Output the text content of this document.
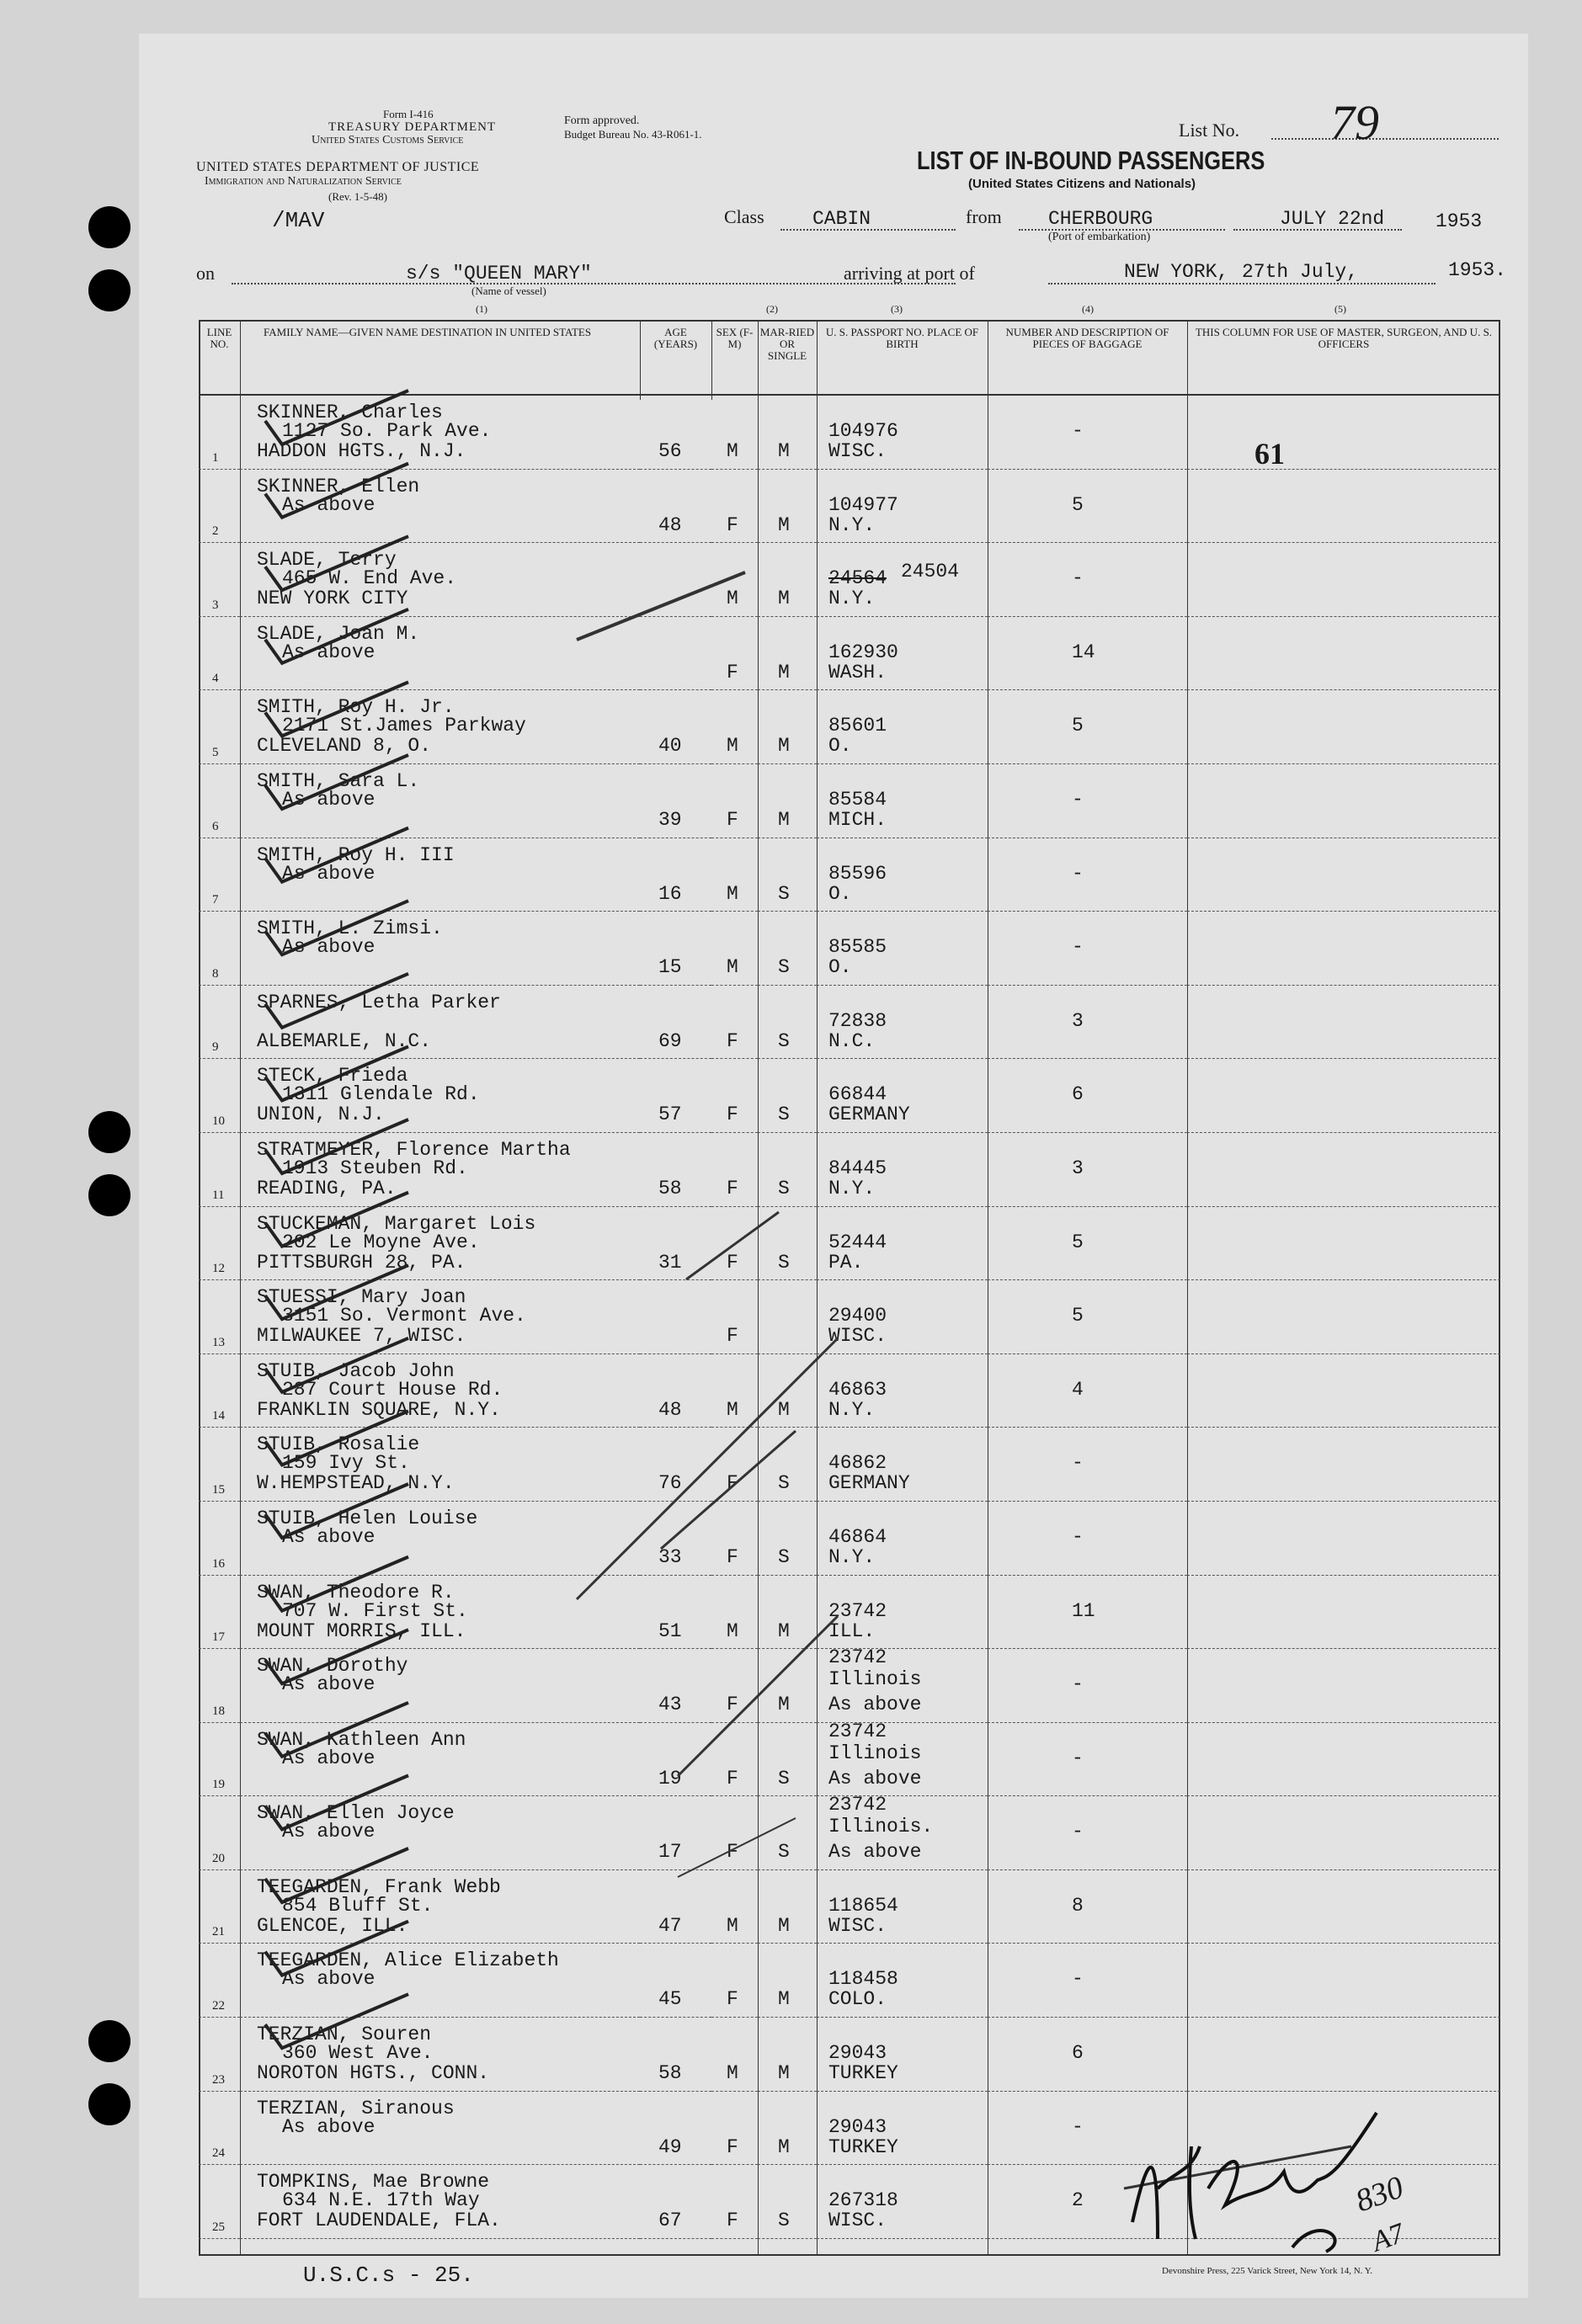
Form I-416
TREASURY DEPARTMENT
United States Customs Service
UNITED STATES DEPARTMENT OF JUSTICE
Immigration and Naturalization Service
(Rev. 1-5-48)
Form approved.
Budget Bureau No. 43-R061-1.	List No. 79
LIST OF IN-BOUND PASSENGERS
(United States Citizens and Nationals)
/MAV	Class CABIN	from CHERBOURG
(Port of embarkation)
JULY 22nd	1953
on	s/s "QUEEN MARY"
(Name of vessel)
arriving at port of	NEW YORK, 27th July,	1953.
(1)	(2)	(3)	(4)	(5)
LINE NO.	FAMILY NAME—GIVEN NAME DESTINATION IN UNITED STATES	AGE (YEARS)	SEX (F-M)	MAR-RIED OR SINGLE	U. S. PASSPORT NO. PLACE OF BIRTH	NUMBER AND DESCRIPTION OF PIECES OF BAGGAGE	THIS COLUMN FOR USE OF MASTER, SURGEON, AND U. S. OFFICERS

1	SKINNER, Charles
1127 So. Park Ave.
HADDON HGTS., N.J.	56	M	M	104976
WISC.	-	

2	SKINNER, Ellen
As above	48	F	M	104977
N.Y.	5	

3	SLADE, Terry
465 W. End Ave.
NEW YORK CITY		M	M	24564 24504
N.Y.	-	

4	SLADE, Joan M.
As above		F	M	162930
WASH.	14	

5	SMITH, Roy H. Jr.
2171 St.James Parkway
CLEVELAND 8, O.	40	M	M	85601
O.	5	

6	SMITH, Sara L.
As above	39	F	M	85584
MICH.	-	

7	SMITH, Roy H. III
As above	16	M	S	85596
O.	-	

8	SMITH, L. Zimsi.
As above	15	M	S	85585
O.	-	

9	SPARNES, Letha Parker
ALBEMARLE, N.C.	69	F	S	72838
N.C.	3	

10	STECK, Frieda
1311 Glendale Rd.
UNION, N.J.	57	F	S	66844
GERMANY	6	

11	STRATMEYER, Florence Martha
1913 Steuben Rd.
READING, PA.	58	F	S	84445
N.Y.	3	

12	STUCKEMAN, Margaret Lois
202 Le Moyne Ave.
PITTSBURGH 28, PA.	31	F	S	52444
PA.	5	

13	STUESSI, Mary Joan
3151 So. Vermont Ave.
MILWAUKEE 7, WISC.		F		29400
WISC.	5	

14	STUIB, Jacob John
287 Court House Rd.
FRANKLIN SQUARE, N.Y.	48	M	M	46863
N.Y.	4	

15	STUIB, Rosalie
159 Ivy St.
W.HEMPSTEAD, N.Y.	76	F	S	46862
GERMANY	-	

16	STUIB, Helen Louise
As above	33	F	S	46864
N.Y.	-	

17	SWAN, Theodore R.
707 W. First St.
MOUNT MORRIS, ILL.	51	M	M	23742
ILL.	11	

18	SWAN, Dorothy
As above	43	F	M	23742
Illinois
As above	-	

19	SWAN, Kathleen Ann
As above	19	F	S	23742
Illinois
As above	-	

20	SWAN, Ellen Joyce
As above	17	F	S	23742
Illinois.
As above	-	

21	TEEGARDEN, Frank Webb
854 Bluff St.
GLENCOE, ILL.	47	M	M	118654
WISC.	8	

22	TEEGARDEN, Alice Elizabeth
As above	45	F	M	118458
COLO.	-	

23	TERZIAN, Souren
360 West Ave.
NOROTON HGTS., CONN.	58	M	M	29043
TURKEY	6	

24	TERZIAN, Siranous
As above	49	F	M	29043
TURKEY	-	

25	TOMPKINS, Mae Browne
634 N.E. 17th Way
FORT LAUDENDALE, FLA.	67	F	S	267318
WISC.	2	

61
830
A7
U.S.C.s - 25.	Devonshire Press, 225 Varick Street, New York 14, N. Y.
